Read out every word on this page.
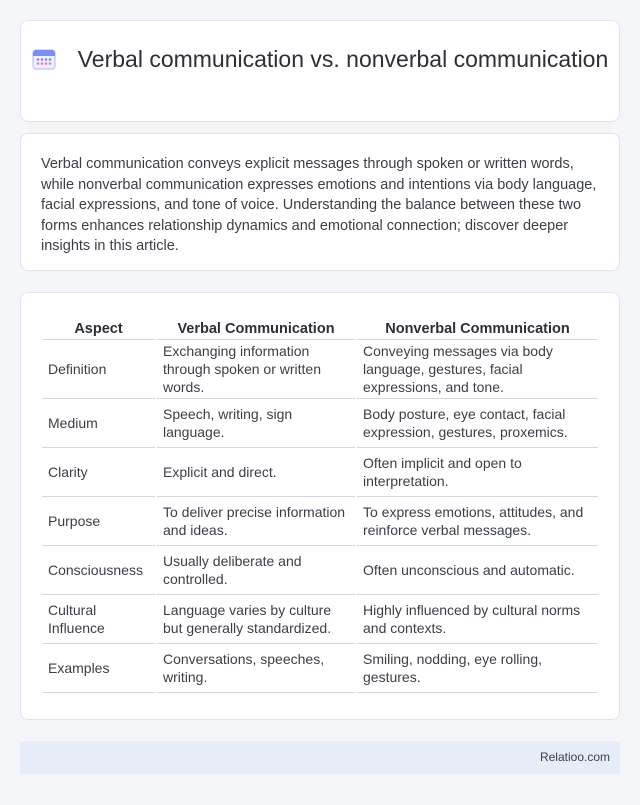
Verbal communication vs. nonverbal communication

Verbal communication conveys explicit messages through spoken or written words, while nonverbal communication expresses emotions and intentions via body language, facial expressions, and tone of voice. Understanding the balance between these two forms enhances relationship dynamics and emotional connection; discover deeper insights in this article.

Aspect	Verbal Communication	Nonverbal Communication
Definition	Exchanging information through spoken or written words.	Conveying messages via body language, gestures, facial expressions, and tone.
Medium	Speech, writing, sign language.	Body posture, eye contact, facial expression, gestures, proxemics.
Clarity	Explicit and direct.	Often implicit and open to interpretation.
Purpose	To deliver precise information and ideas.	To express emotions, attitudes, and reinforce verbal messages.
Consciousness	Usually deliberate and controlled.	Often unconscious and automatic.
Cultural Influence	Language varies by culture but generally standardized.	Highly influenced by cultural norms and contexts.
Examples	Conversations, speeches, writing.	Smiling, nodding, eye rolling, gestures.
Relatioo.com
